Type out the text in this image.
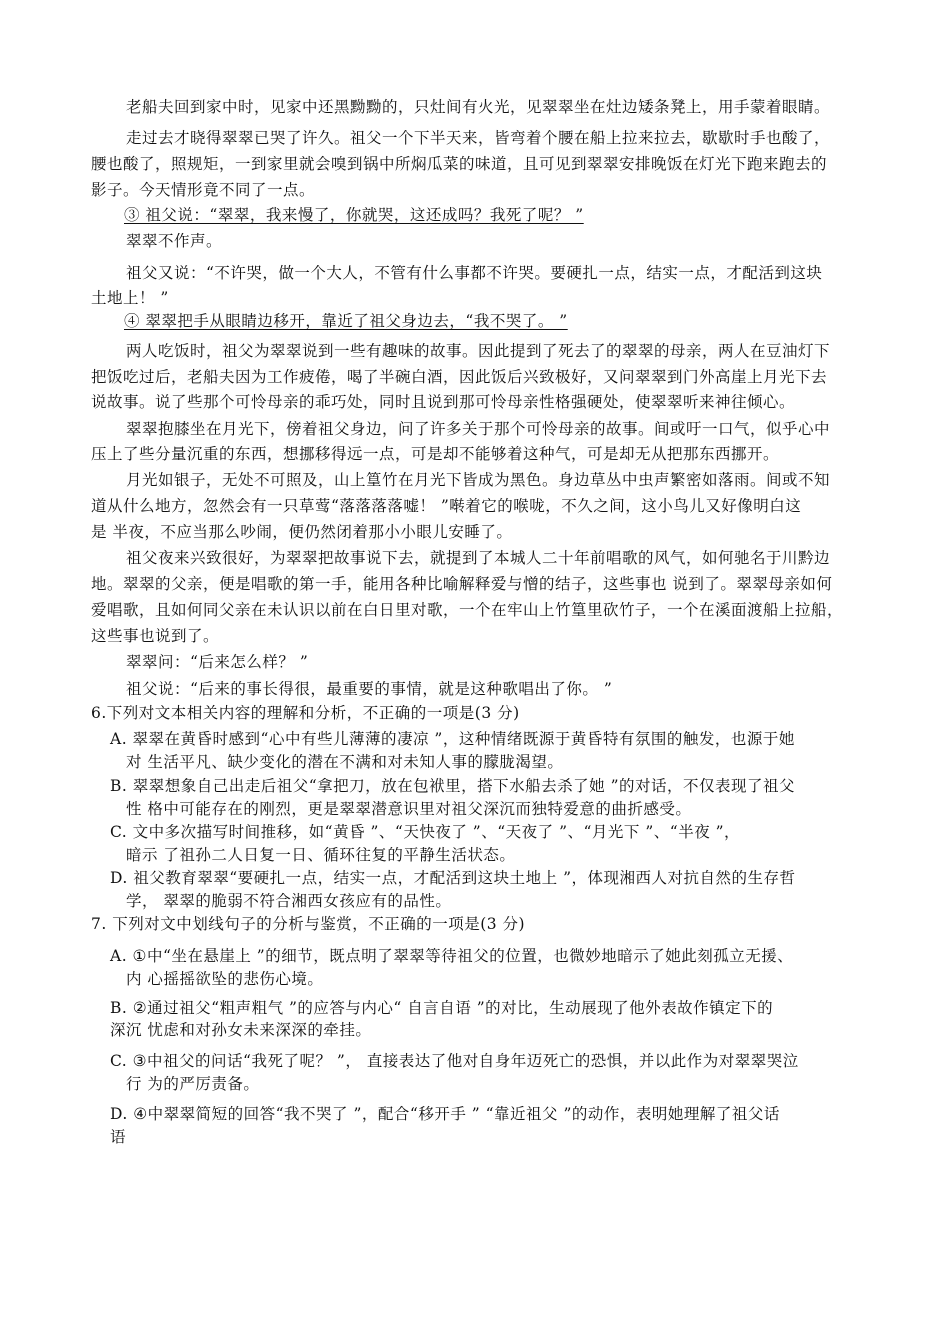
老船夫回到家中时，见家中还黑黝黝的，只灶间有火光，见翠翠坐在灶边矮条凳上，用手蒙着眼睛。
走过去才晓得翠翠已哭了许久。祖父一个下半天来，皆弯着个腰在船上拉来拉去，歇歇时手也酸了，
腰也酸了，照规矩，一到家里就会嗅到锅中所焖瓜菜的味道，且可见到翠翠安排晚饭在灯光下跑来跑去的
影子。今天情形竟不同了一点。
③ 祖父说：“翠翠，我来慢了，你就哭，这还成吗？我死了呢？ ”
翠翠不作声。
祖父又说：“不许哭，做一个大人，不管有什么事都不许哭。要硬扎一点，结实一点，才配活到这块
土地上！ ”
④ 翠翠把手从眼睛边移开，靠近了祖父身边去，“我不哭了。 ”
两人吃饭时，祖父为翠翠说到一些有趣味的故事。因此提到了死去了的翠翠的母亲，两人在豆油灯下
把饭吃过后，老船夫因为工作疲倦，喝了半碗白酒，因此饭后兴致极好，又问翠翠到门外高崖上月光下去
说故事。说了些那个可怜母亲的乖巧处，同时且说到那可怜母亲性格强硬处，使翠翠听来神往倾心。
翠翠抱膝坐在月光下，傍着祖父身边，问了许多关于那个可怜母亲的故事。间或吁一口气，似乎心中
压上了些分量沉重的东西，想挪移得远一点，可是却不能够着这种气，可是却无从把那东西挪开。
月光如银子，无处不可照及，山上篁竹在月光下皆成为黑色。身边草丛中虫声繁密如落雨。间或不知
道从什么地方，忽然会有一只草莺“落落落落嘘！ ”啭着它的喉咙，不久之间，这小鸟儿又好像明白这
是 半夜，不应当那么吵闹，便仍然闭着那小小眼儿安睡了。
祖父夜来兴致很好，为翠翠把故事说下去，就提到了本城人二十年前唱歌的风气，如何驰名于川黔边
地。翠翠的父亲，便是唱歌的第一手，能用各种比喻解释爱与憎的结子，这些事也 说到了。翠翠母亲如何
爱唱歌，且如何同父亲在未认识以前在白日里对歌，一个在牢山上竹篁里砍竹子，一个在溪面渡船上拉船，
这些事也说到了。
翠翠问：“后来怎么样？ ”
祖父说：“后来的事长得很，最重要的事情，就是这种歌唱出了你。 ”
6.下列对文本相关内容的理解和分析，不正确的一项是(3 分)
A. 翠翠在黄昏时感到“心中有些儿薄薄的凄凉 ”，这种情绪既源于黄昏特有氛围的触发，也源于她
对 生活平凡、缺少变化的潜在不满和对未知人事的朦胧渴望。
B. 翠翠想象自己出走后祖父“拿把刀，放在包袱里，搭下水船去杀了她 ”的对话，不仅表现了祖父
性 格中可能存在的刚烈，更是翠翠潜意识里对祖父深沉而独特爱意的曲折感受。
C. 文中多次描写时间推移，如“黄昏 ”、“天快夜了 ”、“天夜了 ”、“月光下 ”、“半夜 ”，
暗示 了祖孙二人日复一日、循环往复的平静生活状态。
D. 祖父教育翠翠“要硬扎一点，结实一点，才配活到这块土地上 ”，体现湘西人对抗自然的生存哲
学， 翠翠的脆弱不符合湘西女孩应有的品性。
7. 下列对文中划线句子的分析与鉴赏，不正确的一项是(3 分)
A. ①中“坐在悬崖上 ”的细节，既点明了翠翠等待祖父的位置，也微妙地暗示了她此刻孤立无援、
内 心摇摇欲坠的悲伤心境。
B. ②通过祖父“粗声粗气 ”的应答与内心“ 自言自语 ”的对比，生动展现了他外表故作镇定下的
深沉 忧虑和对孙女未来深深的牵挂。
C. ③中祖父的问话“我死了呢？ ”， 直接表达了他对自身年迈死亡的恐惧，并以此作为对翠翠哭泣
行 为的严厉责备。
D. ④中翠翠简短的回答“我不哭了 ”，配合“移开手 ” “靠近祖父 ”的动作，表明她理解了祖父话
语
